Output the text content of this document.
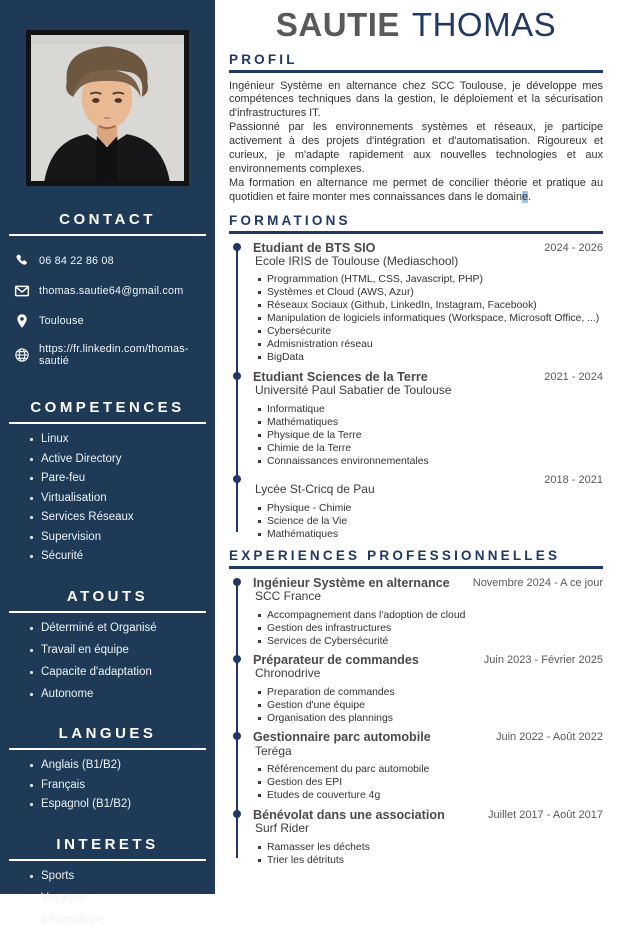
CONTACT
06 84 22 86 08
thomas.sautie64@gmail.com
Toulouse
https://fr.linkedin.com/thomas-sautié
COMPETENCES
Linux
Active Directory
Pare-feu
Virtualisation
Services Réseaux
Supervision
Sécurité
ATOUTS
Déterminé et Organisé
Travail en équipe
Capacite d'adaptation
Autonome
LANGUES
Anglais (B1/B2)
Français
Espagnol (B1/B2)
INTERETS
Sports
Voyages
Informatique
SAUTIE THOMAS
PROFIL

Ingénieur Système en alternance chez SCC Toulouse, je développe mes compétences techniques dans la gestion, le déploiement et la sécurisation d'infrastructures IT.

Passionné par les environnements systèmes et réseaux, je participe activement à des projets d'intégration et d'automatisation. Rigoureux et curieux, je m'adapte rapidement aux nouvelles technologies et aux environnements complexes.

Ma formation en alternance me permet de concilier théorie et pratique au quotidien et faire monter mes connaissances dans le domaine.

FORMATIONS
Etudiant de BTS SIO
Ecole IRIS de Toulouse (Mediaschool)
2024 - 2026
Programmation (HTML, CSS, Javascript, PHP)
Systèmes et Cloud (AWS, Azur)
Réseaux Sociaux (Github, LinkedIn, Instagram, Facebook)
Manipulation de logiciels informatiques (Workspace, Microsoft Office, ...)
Cybersécurite
Admisnistration réseau
BigData
Etudiant Sciences de la Terre
Université Paul Sabatier de Toulouse
2021 - 2024
Informatique
Mathématiques
Physique de la Terre
Chimie de la Terre
Connaissances environnementales
Lycée St-Cricq de Pau
2018 - 2021
Physique - Chimie
Science de la Vie
Mathématiques
EXPERIENCES PROFESSIONNELLES
Ingénieur Système en alternance
SCC France
Novembre 2024 - A ce jour
Accompagnement dans l'adoption de cloud
Gestion des infrastructures
Services de Cybersécurité
Préparateur de commandes
Chronodrive
Juin 2023 - Février 2025
Preparation de commandes
Gestion d'une équipe
Organisation des plannings
Gestionnaire parc automobile
Teréga
Juin 2022 - Août 2022
Référencement du parc automobile
Gestion des EPI
Etudes de couverture 4g
Bénévolat dans une association
Surf Rider
Juillet 2017 - Août 2017
Ramasser les déchets
Trier les détrituts
